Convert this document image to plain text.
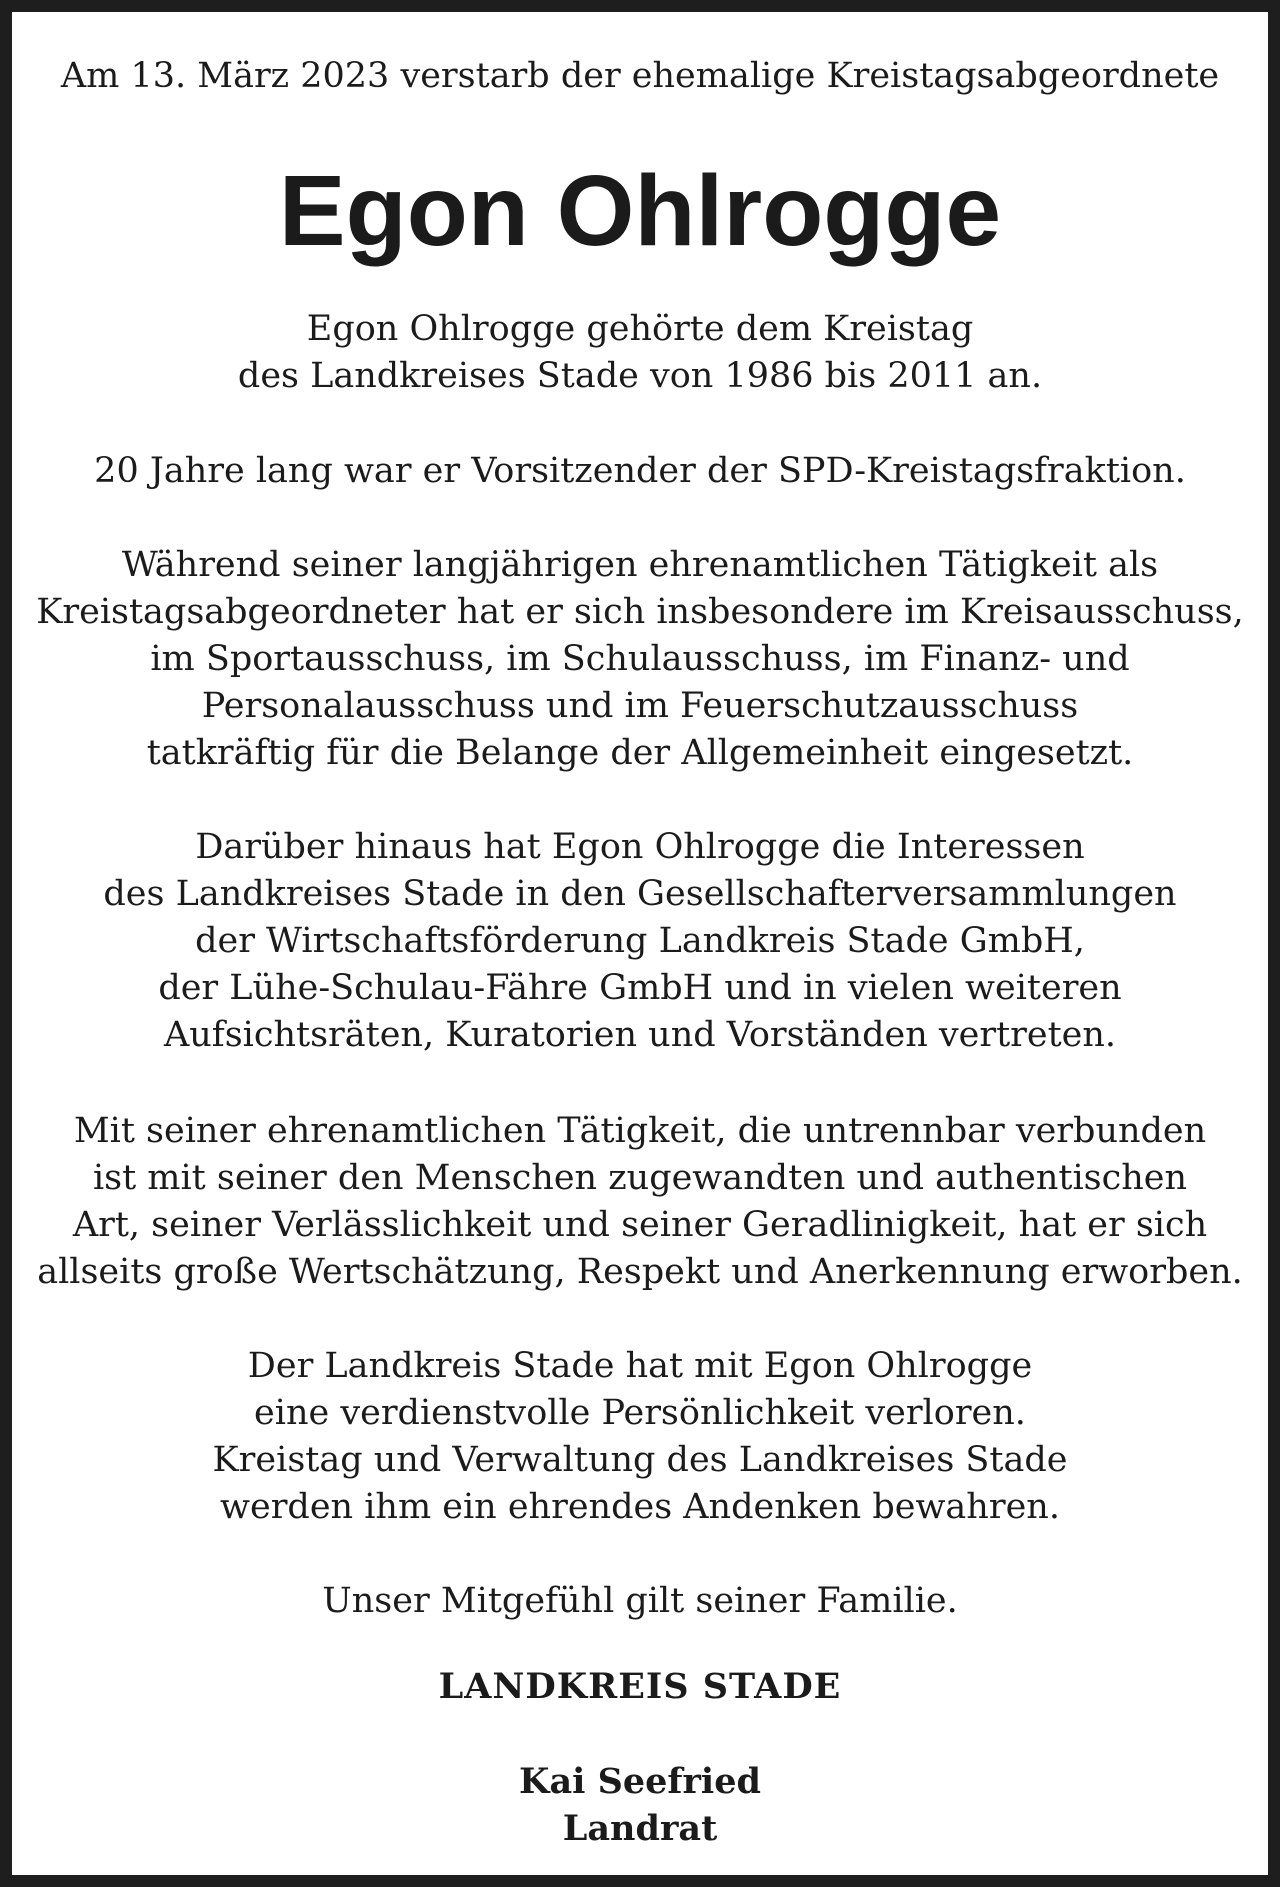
Am 13. März 2023 verstarb der ehemalige Kreistagsabgeordnete
Egon Ohlrogge
Egon Ohlrogge gehörte dem Kreistag
des Landkreises Stade von 1986 bis 2011 an.
20 Jahre lang war er Vorsitzender der SPD-Kreistagsfraktion.
Während seiner langjährigen ehrenamtlichen Tätigkeit als
Kreistagsabgeordneter hat er sich insbesondere im Kreisausschuss,
im Sportausschuss, im Schulausschuss, im Finanz- und
Personalausschuss und im Feuerschutzausschuss
tatkräftig für die Belange der Allgemeinheit eingesetzt.
Darüber hinaus hat Egon Ohlrogge die Interessen
des Landkreises Stade in den Gesellschafterversammlungen
der Wirtschaftsförderung Landkreis Stade GmbH,
der Lühe-Schulau-Fähre GmbH und in vielen weiteren
Aufsichtsräten, Kuratorien und Vorständen vertreten.
Mit seiner ehrenamtlichen Tätigkeit, die untrennbar verbunden
ist mit seiner den Menschen zugewandten und authentischen
Art, seiner Verlässlichkeit und seiner Geradlinigkeit, hat er sich
allseits große Wertschätzung, Respekt und Anerkennung erworben.
Der Landkreis Stade hat mit Egon Ohlrogge
eine verdienstvolle Persönlichkeit verloren.
Kreistag und Verwaltung des Landkreises Stade
werden ihm ein ehrendes Andenken bewahren.
Unser Mitgefühl gilt seiner Familie.
LANDKREIS STADE
Kai Seefried
Landrat
